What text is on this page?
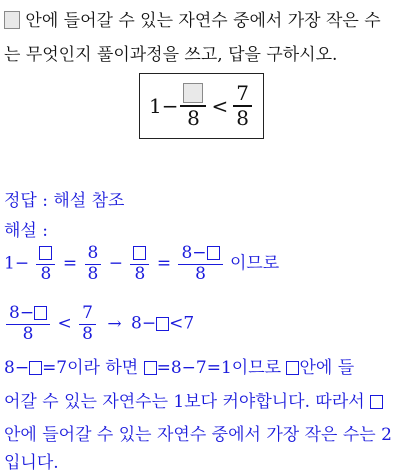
안에 들어갈 수 있는 자연수 중에서 가장 작은 수
는 무엇인지 풀이과정을 쓰고, 답을 구하시오.
$1- 8 < \frac{7}{8}$
정답 : 해설 참조
해설 :
1−
8
= $\frac{8}{8}$ −
8
= $\frac{8-}{8}$ 이므로
$\frac{8-}{8} < \frac{7}{8} \to 8- <7$
8− =7이라 하면 =8−7=1이므로 안에 들
어갈 수 있는 자연수는 1보다 커야합니다. 따라서
안에 들어갈 수 있는 자연수 중에서 가장 작은 수는 2
입니다.
